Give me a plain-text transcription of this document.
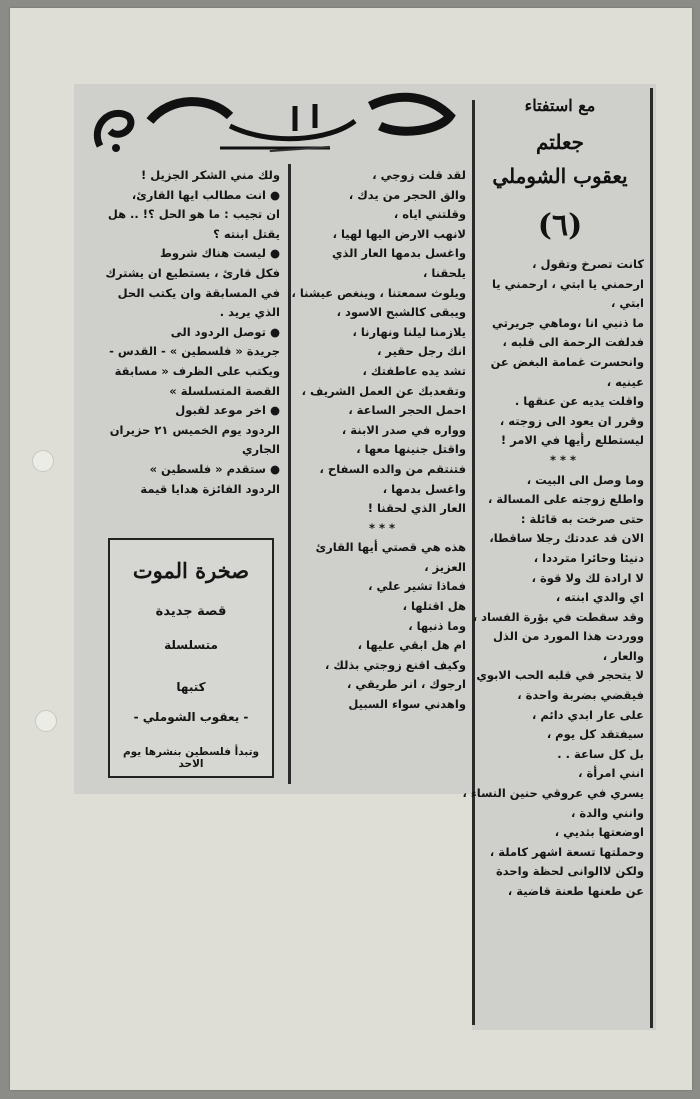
مع استفتاء
جعلتم
يعقوب الشوملي
(٦)
كانت تصرخ وتقول ،
ارحمني يا ابتي ، ارحمني يا
ابتي ،
ما ذنبي انا ،وماهي جريرتي
فدلفت الرحمة الى قلبه ،
وانحسرت غمامة البغض عن
عينيه ،
واقلت يديه عن عنقها .
وقرر ان يعود الى زوجته ،
ليستطلع رأيها في الامر !
* * *
وما وصل الى البيت ،
واطلع زوجته على المسالة ،
حتى صرخت به قائلة :
الان قد عددتك رجلا ساقطا،
دنيئا وحائرا مترددا ،
لا ارادة لك ولا قوة ،
اي والدي ابنته ،
وقد سقطت في بؤرة الفساد ،
ووردت هذا المورد من الذل
والعار ،
لا يتحجر في قلبه الحب الابوي
فيقضي بضربة واحدة ،
على عار ابدي دائم ،
سيفتقد كل يوم ،
بل كل ساعة . .
انني امرأة ،
يسري في عروقي حنين النساء ،
وانني والدة ،
اوضعتها بثديي ،
وحملتها تسعة اشهر كاملة ،
ولكن لاالوانى لحظة واحدة
عن طعنها طعنة قاضية ،
لقد قلت زوجي ،
والق الحجر من يدك ،
وقلتني اياه ،
لانهب الارض اليها لهيا ،
واغسل بدمها العار الذي
يلحقنا ،
ويلوث سمعتنا ، وينغص عيشنا ،
ويبقى كالشبح الاسود ،
يلازمنا ليلنا ونهارنا ،
انك رجل حقير ،
تشد يده عاطفتك ،
وتقعدبك عن العمل الشريف ،
احمل الحجر الساعة ،
وواره في صدر الابنة ،
واقتل جنينها معها ،
فتنتقم من والده السفاح ،
واغسل بدمها ،
العار الذي لحقنا !
* * *
هذه هي قصتي أيها القارئ
العزيز ،
فماذا تشير علي ،
هل اقتلها ،
وما ذنبها ،
ام هل ابقي عليها ،
وكيف اقنع زوجتي بذلك ،
ارجوك ، انر طريقي ،
واهدني سواء السبيل
ولك مني الشكر الجزيل !
● انت مطالب ايها القارئ،
ان تجيب : ما هو الحل ؟! .. هل
يقتل ابنته ؟
● ليست هناك شروط
فكل قارئ ، يستطيع ان يشترك
في المسابقة وان يكتب الحل
الذي يريد .
● توصل الردود الى
جريدة « فلسطين » - القدس -
ويكتب على الظرف « مسابقة
القصة المتسلسلة »
● اخر موعد لقبول
الردود يوم الخميس ٢١ حزيران
الجاري
● ستقدم « فلسطين »
الردود الفائزة هدايا قيمة
صخرة الموت
قصة جديدة
متسلسلة
كتبها
- يعقوب الشوملي -
وتبدأ فلسطين بنشرها يوم الاحد
